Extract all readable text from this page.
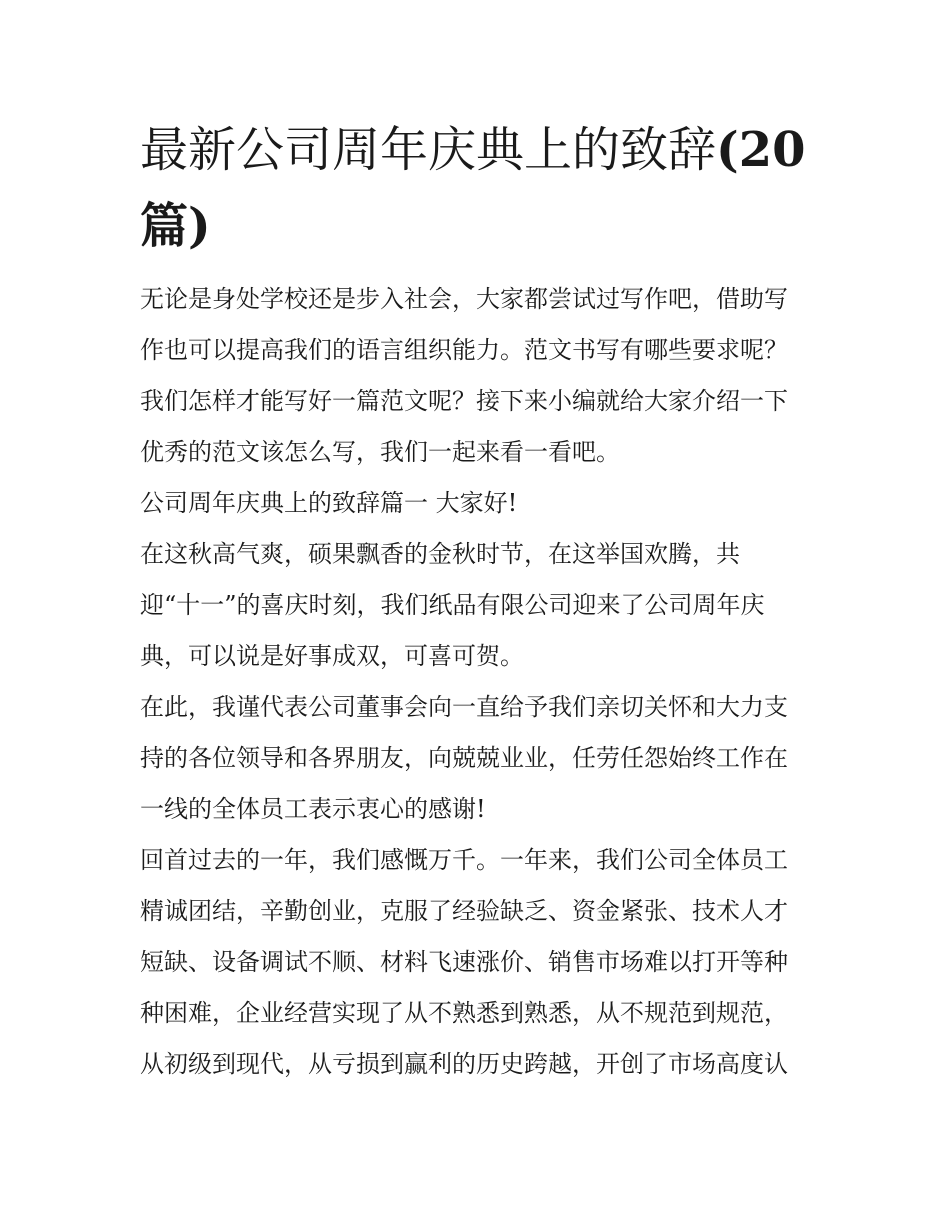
最新公司周年庆典上的致辞(20篇)

无论是身处学校还是步入社会，大家都尝试过写作吧，借助写
作也可以提高我们的语言组织能力。范文书写有哪些要求呢？
我们怎样才能写好一篇范文呢？接下来小编就给大家介绍一下
优秀的范文该怎么写，我们一起来看一看吧。

公司周年庆典上的致辞篇一 大家好!

在这秋高气爽，硕果飘香的金秋时节，在这举国欢腾，共
迎“十一”的喜庆时刻，我们纸品有限公司迎来了公司周年庆
典，可以说是好事成双，可喜可贺。

在此，我谨代表公司董事会向一直给予我们亲切关怀和大力支
持的各位领导和各界朋友，向兢兢业业，任劳任怨始终工作在
一线的全体员工表示衷心的感谢!

回首过去的一年，我们感慨万千。一年来，我们公司全体员工
精诚团结，辛勤创业，克服了经验缺乏、资金紧张、技术人才
短缺、设备调试不顺、材料飞速涨价、销售市场难以打开等种
种困难，企业经营实现了从不熟悉到熟悉，从不规范到规范，
从初级到现代，从亏损到赢利的历史跨越，开创了市场高度认
